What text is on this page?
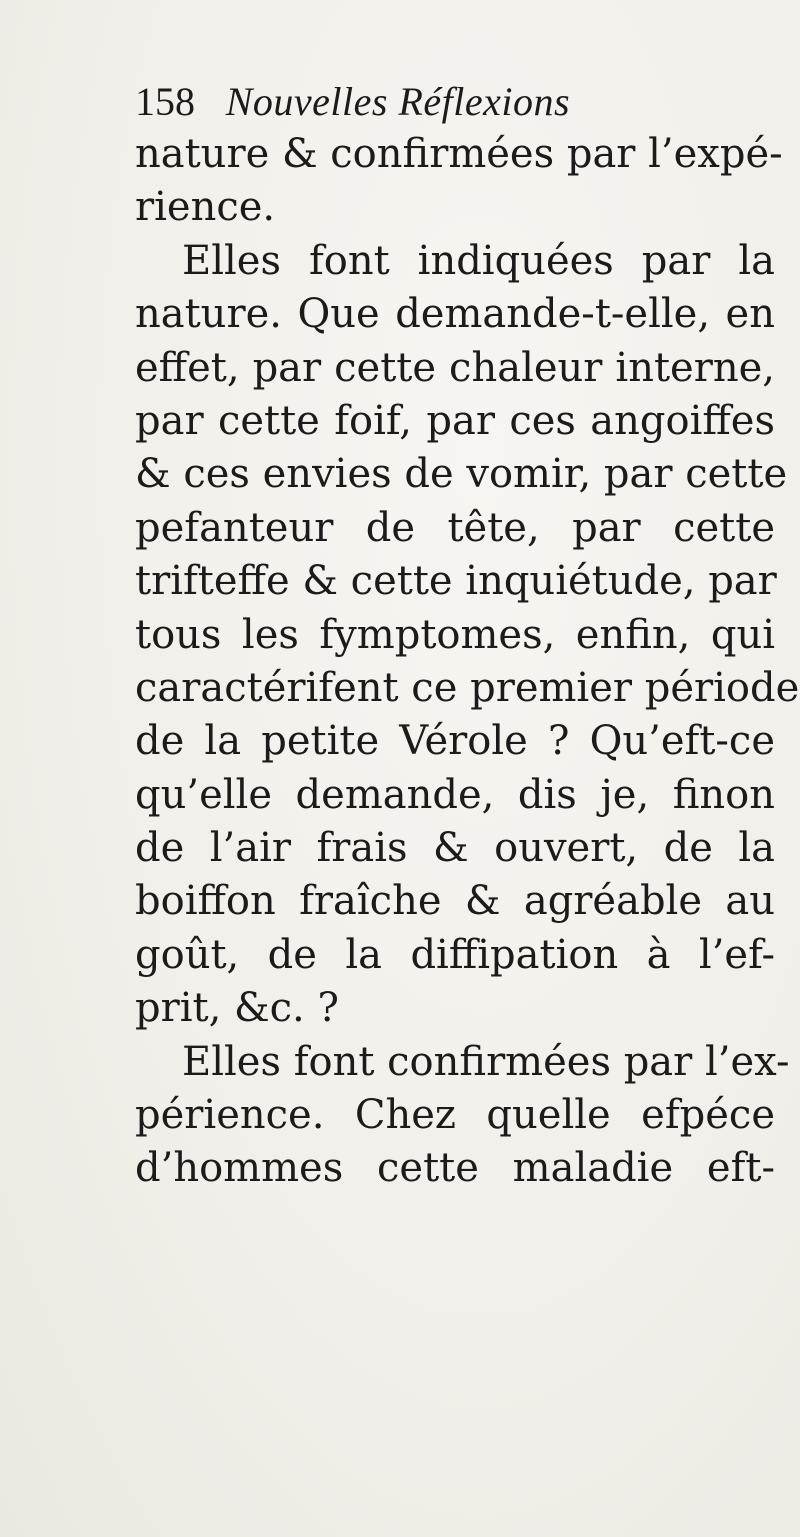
158 Nouvelles Réflexions
nature & confirmées par l’expé-
rience.
Elles font indiquées par la
nature. Que demande-t-elle, en
effet, par cette chaleur interne,
par cette foif, par ces angoiffes
& ces envies de vomir, par cette
pefanteur de tête, par cette
trifteffe & cette inquiétude, par
tous les fymptomes, enfin, qui
caractérifent ce premier période
de la petite Vérole ? Qu’eft-ce
qu’elle demande, dis je, finon
de l’air frais & ouvert, de la
boiffon fraîche & agréable au
goût, de la diffipation à l’ef-
prit, &c. ?
Elles font confirmées par l’ex-
périence. Chez quelle efpéce
d’hommes cette maladie eft-
